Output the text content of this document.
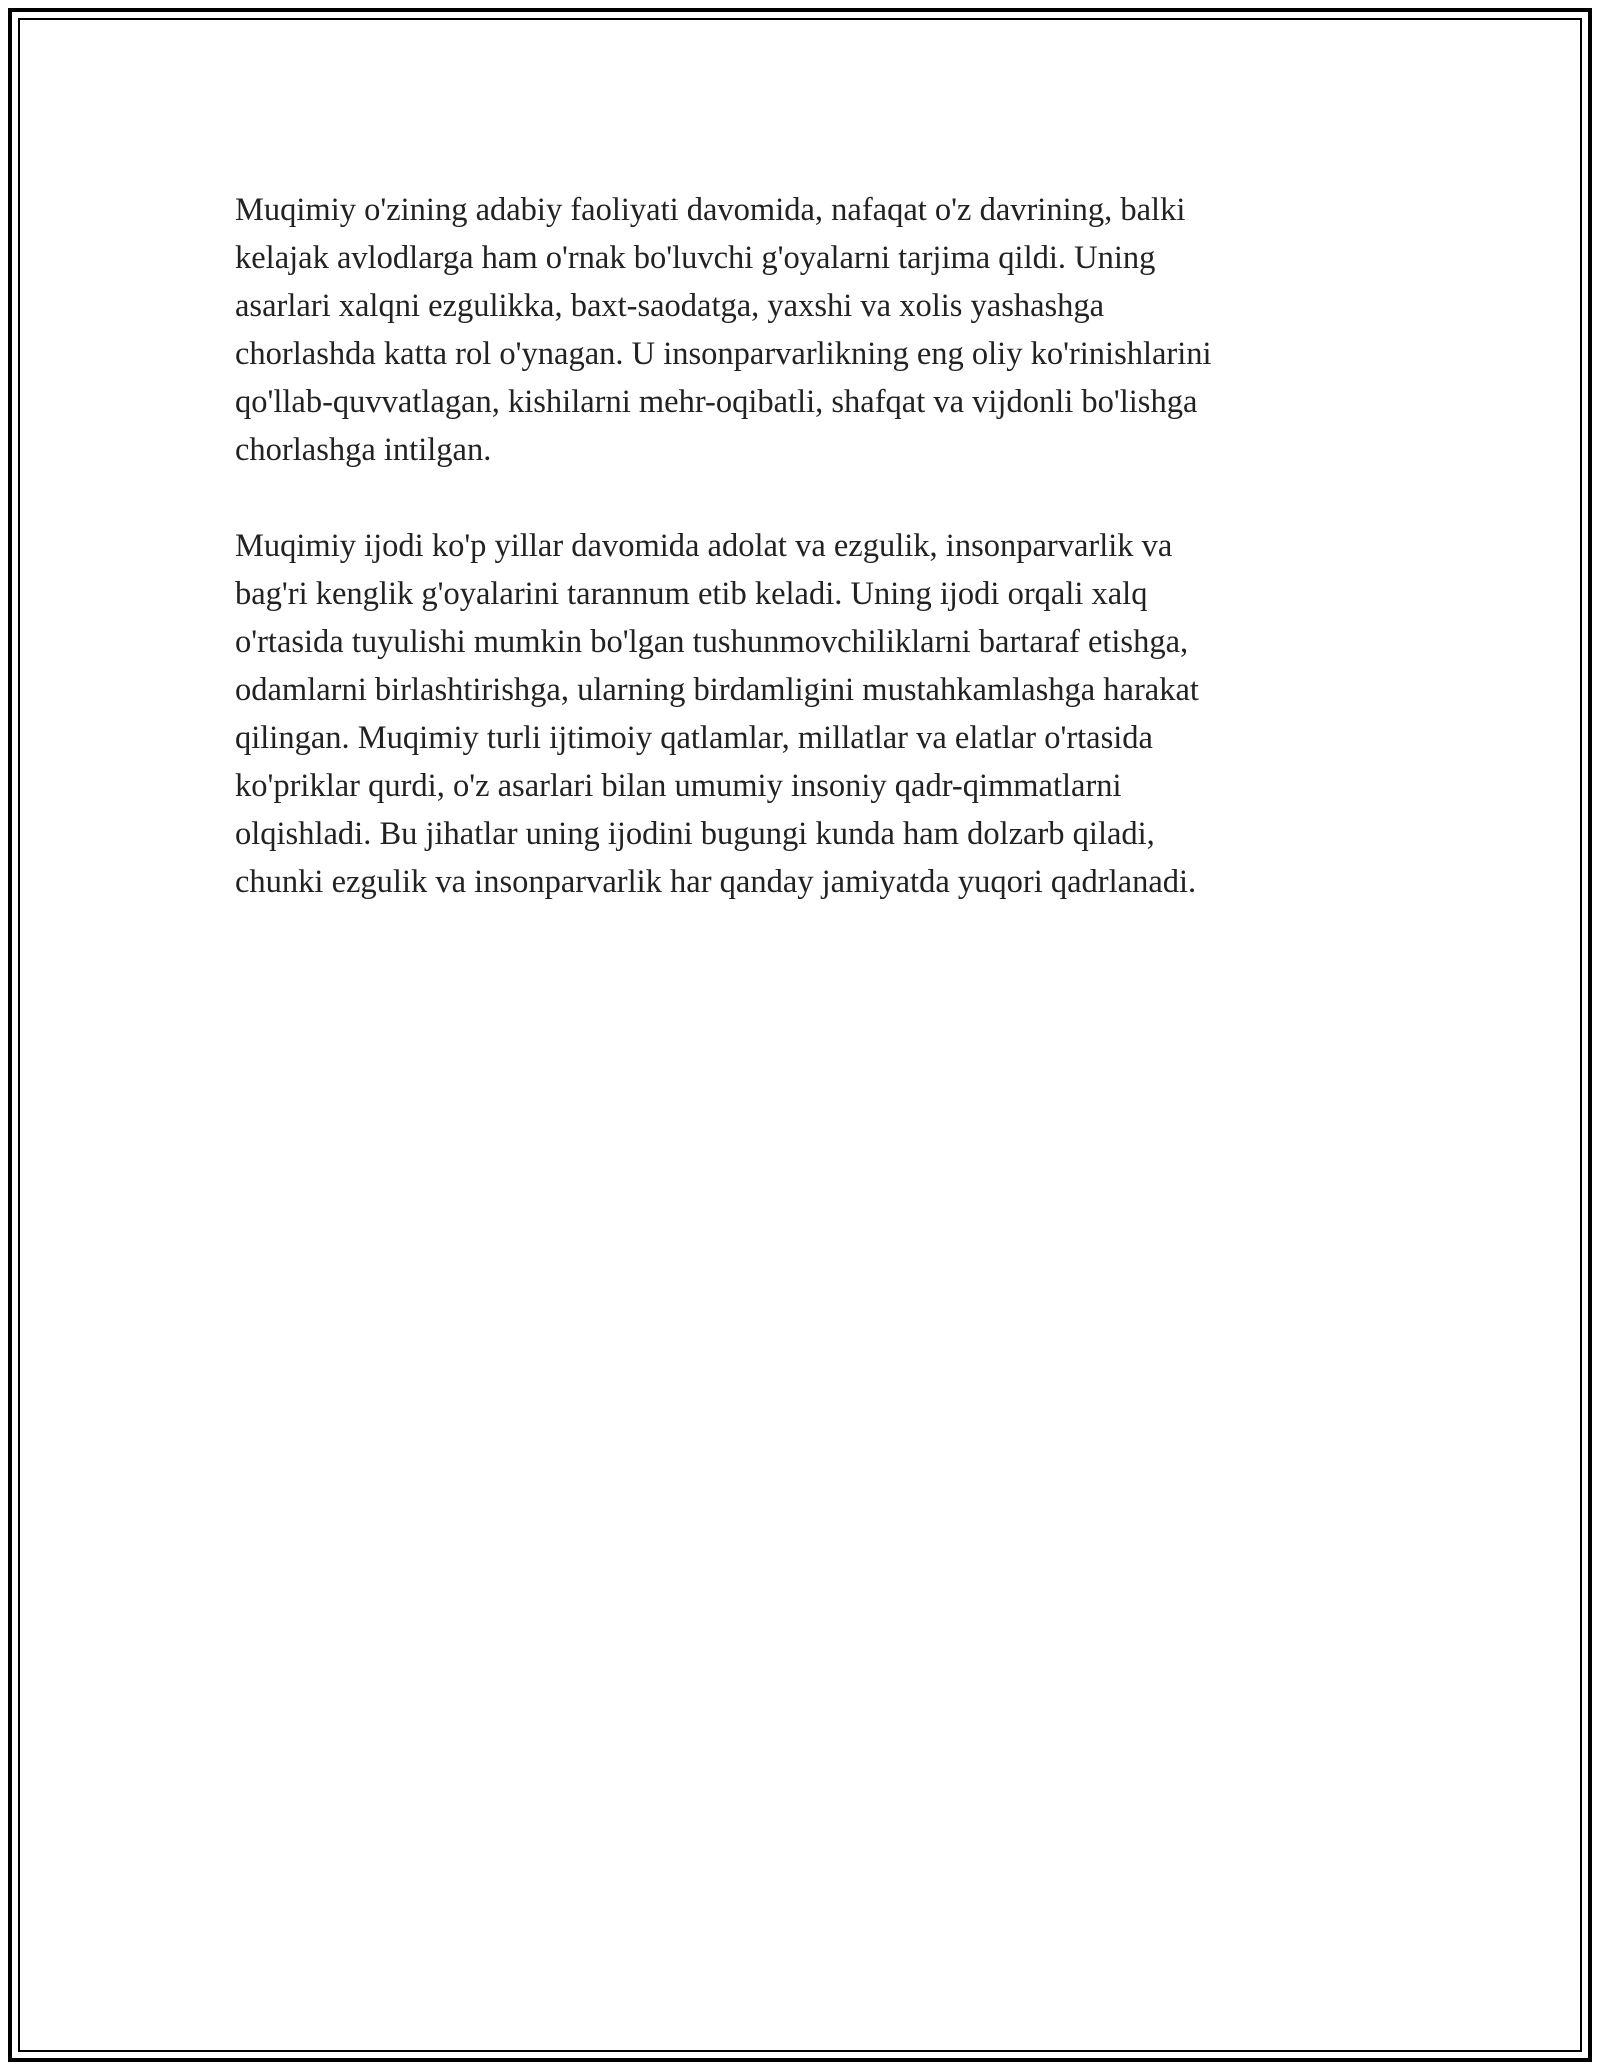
Muqimiy o'zining adabiy faoliyati davomida, nafaqat o'z davrining, balki
kelajak avlodlarga ham o'rnak bo'luvchi g'oyalarni tarjima qildi. Uning
asarlari xalqni ezgulikka, baxt-saodatga, yaxshi va xolis yashashga
chorlashda katta rol o'ynagan. U insonparvarlikning eng oliy ko'rinishlarini
qo'llab-quvvatlagan, kishilarni mehr-oqibatli, shafqat va vijdonli bo'lishga
chorlashga intilgan.

Muqimiy ijodi ko'p yillar davomida adolat va ezgulik, insonparvarlik va
bag'ri kenglik g'oyalarini tarannum etib keladi. Uning ijodi orqali xalq
o'rtasida tuyulishi mumkin bo'lgan tushunmovchiliklarni bartaraf etishga,
odamlarni birlashtirishga, ularning birdamligini mustahkamlashga harakat
qilingan. Muqimiy turli ijtimoiy qatlamlar, millatlar va elatlar o'rtasida
ko'priklar qurdi, o'z asarlari bilan umumiy insoniy qadr-qimmatlarni
olqishladi. Bu jihatlar uning ijodini bugungi kunda ham dolzarb qiladi,
chunki ezgulik va insonparvarlik har qanday jamiyatda yuqori qadrlanadi.
